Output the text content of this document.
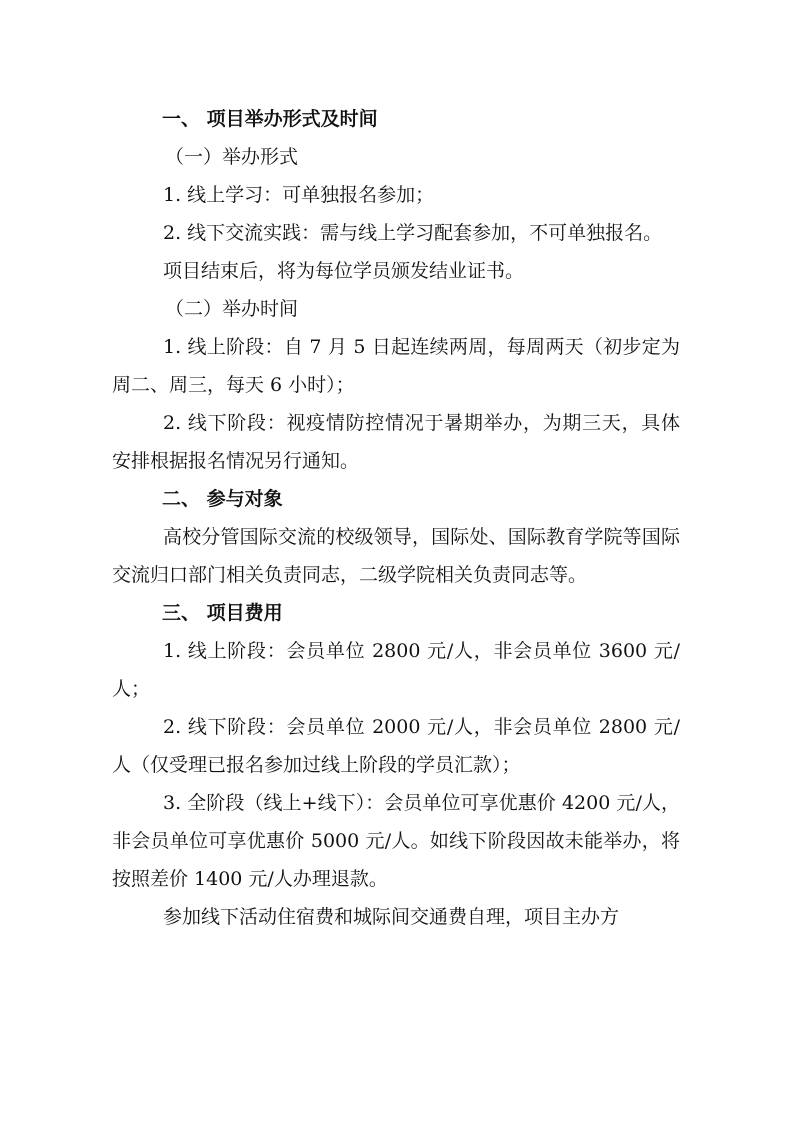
一、 项目举办形式及时间

（一）举办形式

1. 线上学习：可单独报名参加；

2. 线下交流实践：需与线上学习配套参加，不可单独报名。

项目结束后，将为每位学员颁发结业证书。

（二）举办时间

1. 线上阶段：自 7 月 5 日起连续两周，每周两天（初步定为周二、周三，每天 6 小时）；

2. 线下阶段：视疫情防控情况于暑期举办，为期三天，具体安排根据报名情况另行通知。

二、 参与对象

高校分管国际交流的校级领导，国际处、国际教育学院等国际交流归口部门相关负责同志，二级学院相关负责同志等。

三、 项目费用

1. 线上阶段：会员单位 2800 元/人，非会员单位 3600 元/人；

2. 线下阶段：会员单位 2000 元/人，非会员单位 2800 元/人（仅受理已报名参加过线上阶段的学员汇款）；

3. 全阶段（线上+线下）：会员单位可享优惠价 4200 元/人，非会员单位可享优惠价 5000 元/人。如线下阶段因故未能举办，将按照差价 1400 元/人办理退款。

参加线下活动住宿费和城际间交通费自理，项目主办方
